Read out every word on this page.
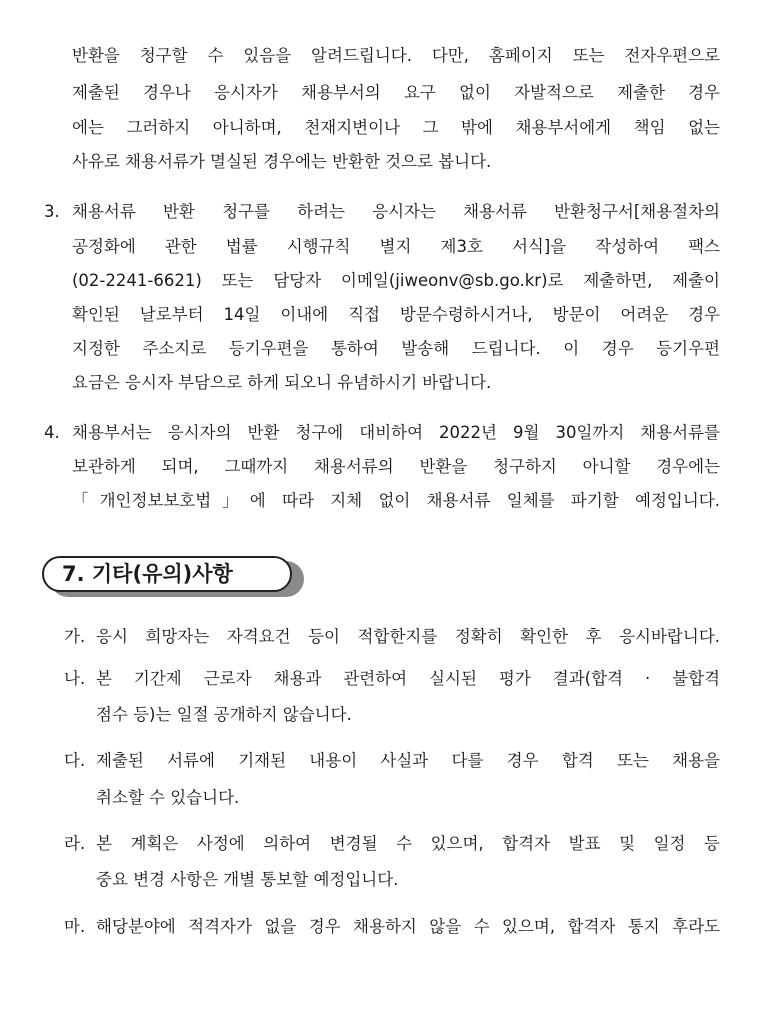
반환을 청구할 수 있음을 알려드립니다. 다만, 홈페이지 또는 전자우편으로
제출된 경우나 응시자가 채용부서의 요구 없이 자발적으로 제출한 경우
에는 그러하지 아니하며, 천재지변이나 그 밖에 채용부서에게 책임 없는
사유로 채용서류가 멸실된 경우에는 반환한 것으로 봅니다.
3. 채용서류 반환 청구를 하려는 응시자는 채용서류 반환청구서[채용절차의
공정화에 관한 법률 시행규칙 별지 제3호 서식]을 작성하여 팩스
(02-2241-6621) 또는 담당자 이메일(jiweonv@sb.go.kr)로 제출하면, 제출이
확인된 날로부터 14일 이내에 직접 방문수령하시거나, 방문이 어려운 경우
지정한 주소지로 등기우편을 통하여 발송해 드립니다. 이 경우 등기우편
요금은 응시자 부담으로 하게 되오니 유념하시기 바랍니다.
4. 채용부서는 응시자의 반환 청구에 대비하여 2022년 9월 30일까지 채용서류를
보관하게 되며, 그때까지 채용서류의 반환을 청구하지 아니할 경우에는
「개인정보보호법」에 따라 지체 없이 채용서류 일체를 파기할 예정입니다.
7. 기타(유의)사항
가. 응시 희망자는 자격요건 등이 적합한지를 정확히 확인한 후 응시바랍니다.
나. 본 기간제 근로자 채용과 관련하여 실시된 평가 결과(합격 · 불합격
점수 등)는 일절 공개하지 않습니다.
다. 제출된 서류에 기재된 내용이 사실과 다를 경우 합격 또는 채용을
취소할 수 있습니다.
라. 본 계획은 사정에 의하여 변경될 수 있으며, 합격자 발표 및 일정 등
중요 변경 사항은 개별 통보할 예정입니다.
마. 해당분야에 적격자가 없을 경우 채용하지 않을 수 있으며, 합격자 통지 후라도
